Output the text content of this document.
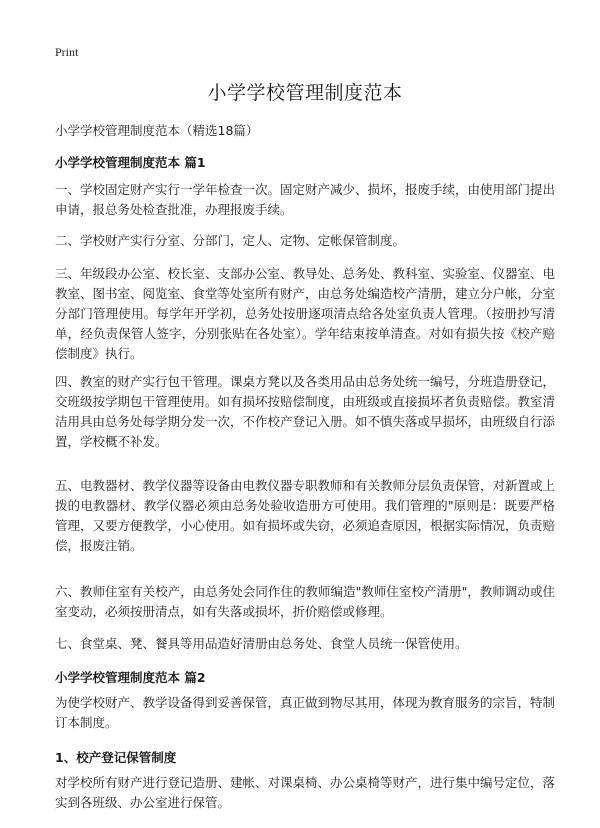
Print
小学学校管理制度范本
小学学校管理制度范本（精选18篇）
小学学校管理制度范本 篇1
一、学校固定财产实行一学年检查一次。固定财产减少、损坏，报废手续，由使用部门提出申请，报总务处检查批准，办理报废手续。
二、学校财产实行分室、分部门，定人、定物、定帐保管制度。
三、年级段办公室、校长室、支部办公室、教导处、总务处、教科室、实验室、仪器室、电教室、图书室、阅览室、食堂等处室所有财产，由总务处编造校产清册，建立分户帐，分室分部门管理使用。每学年开学初，总务处按册逐项清点给各处室负责人管理。（按册抄写清单，经负责保管人签字，分别张贴在各处室）。学年结束按单清查。对如有损失按《校产赔偿制度》执行。
四、教室的财产实行包干管理。课桌方凳以及各类用品由总务处统一编号，分班造册登记，交班级按学期包干管理使用。如有损坏按赔偿制度，由班级或直接损坏者负责赔偿。教室清洁用具由总务处每学期分发一次，不作校产登记入册。如不慎失落或早损坏，由班级自行添置，学校概不补发。
五、电教器材、教学仪器等设备由电教仪器专职教师和有关教师分层负责保管，对新置或上拨的电教器材、教学仪器必须由总务处验收造册方可使用。我们管理的"原则是：既要严格管理，又要方便教学，小心使用。如有损坏或失窃，必须追查原因，根据实际情况，负责赔偿，报废注销。
六、教师住室有关校产，由总务处会同作住的教师编造"教师住室校产清册"，教师调动或住室变动，必须按册清点，如有失落或损坏，折价赔偿或修理。
七、食堂桌、凳、餐具等用品造好清册由总务处、食堂人员统一保管使用。
小学学校管理制度范本 篇2
为使学校财产、教学设备得到妥善保管，真正做到物尽其用，体现为教育服务的宗旨，特制订本制度。
1、校产登记保管制度
对学校所有财产进行登记造册、建帐、对课桌椅、办公桌椅等财产，进行集中编号定位，落实到各班级、办公室进行保管。
